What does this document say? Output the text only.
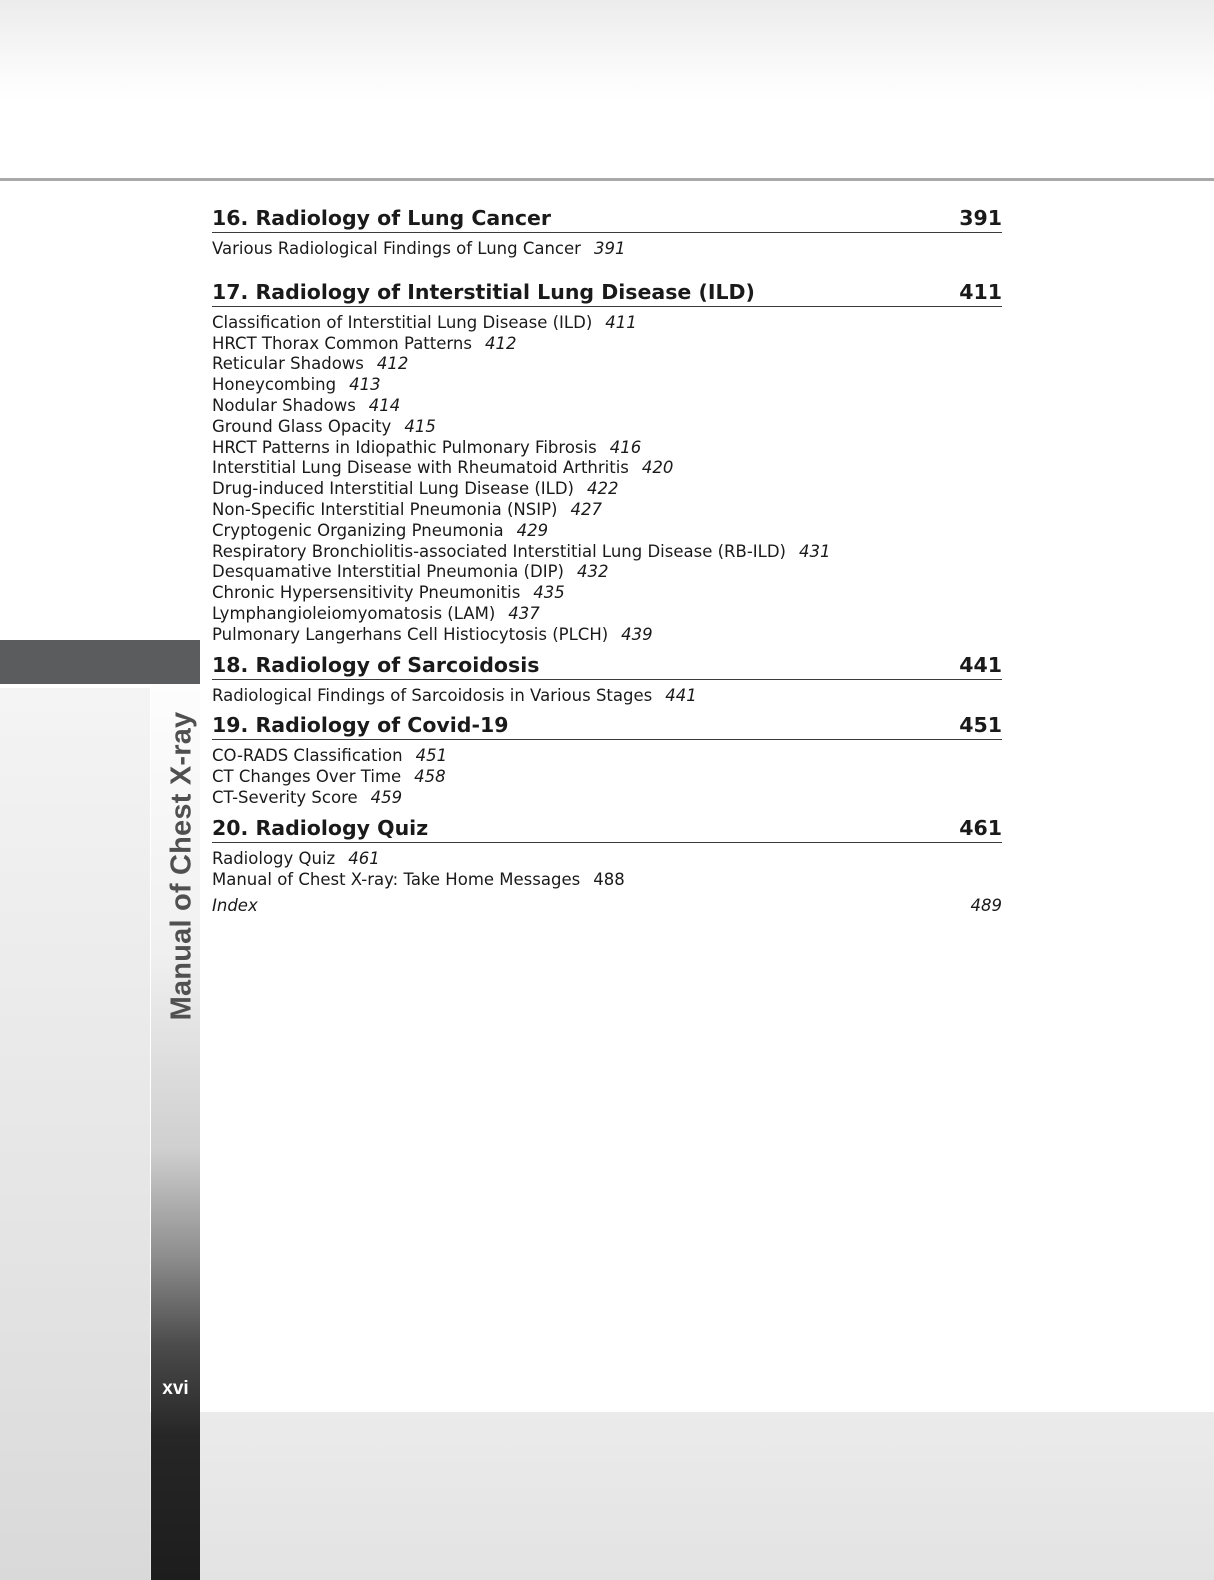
Manual of Chest X-ray
xvi
16. Radiology of Lung Cancer	391
Various Radiological Findings of Lung Cancer 391
17. Radiology of Interstitial Lung Disease (ILD)	411
Classification of Interstitial Lung Disease (ILD) 411
HRCT Thorax Common Patterns 412
Reticular Shadows 412
Honeycombing 413
Nodular Shadows 414
Ground Glass Opacity 415
HRCT Patterns in Idiopathic Pulmonary Fibrosis 416
Interstitial Lung Disease with Rheumatoid Arthritis 420
Drug-induced Interstitial Lung Disease (ILD) 422
Non-Specific Interstitial Pneumonia (NSIP) 427
Cryptogenic Organizing Pneumonia 429
Respiratory Bronchiolitis-associated Interstitial Lung Disease (RB-ILD) 431
Desquamative Interstitial Pneumonia (DIP) 432
Chronic Hypersensitivity Pneumonitis 435
Lymphangioleiomyomatosis (LAM) 437
Pulmonary Langerhans Cell Histiocytosis (PLCH) 439
18. Radiology of Sarcoidosis	441
Radiological Findings of Sarcoidosis in Various Stages 441
19. Radiology of Covid-19	451
CO-RADS Classification 451
CT Changes Over Time 458
CT-Severity Score 459
20. Radiology Quiz	461
Radiology Quiz 461
Manual of Chest X-ray: Take Home Messages 488
Index	489
